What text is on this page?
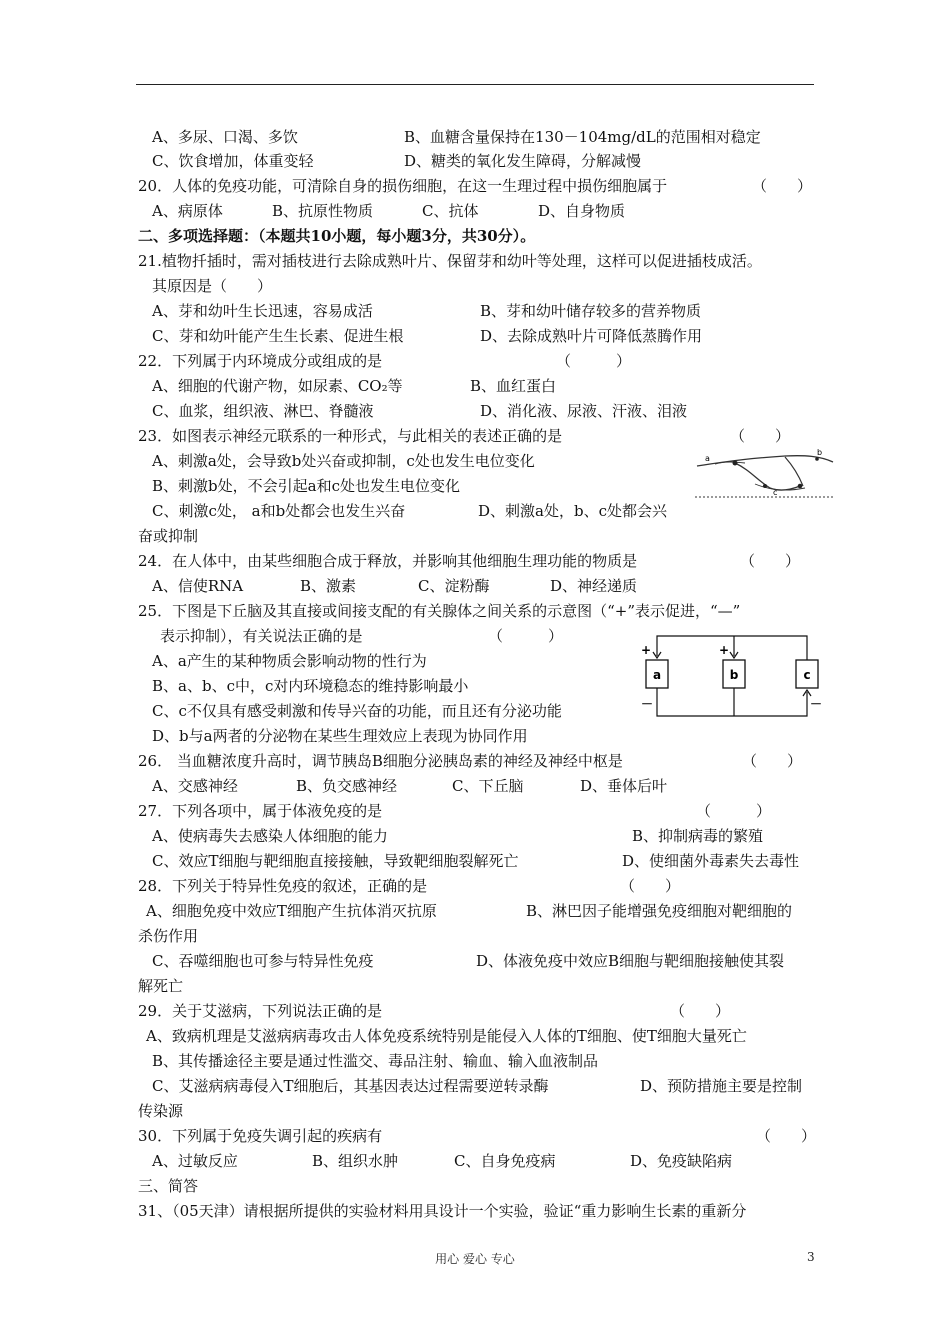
A、多尿、口渴、多饮	B、血糖含量保持在130－104mg/dL的范围相对稳定
C、饮食增加，体重变轻	D、糖类的氧化发生障碍，分解减慢
20．人体的免疫功能，可清除自身的损伤细胞，在这一生理过程中损伤细胞属于	（　　）
A、病原体	B、抗原性物质	C、抗体	D、自身物质
二、多项选择题：（本题共10小题，每小题3分，共30分）。
21.植物扦插时，需对插枝进行去除成熟叶片、保留芽和幼叶等处理，这样可以促进插枝成活。
其原因是（　　）
A、芽和幼叶生长迅速，容易成活	B、芽和幼叶储存较多的营养物质
C、芽和幼叶能产生生长素、促进生根	D、去除成熟叶片可降低蒸腾作用
22．下列属于内环境成分或组成的是	（　　　）
A、细胞的代谢产物，如尿素、CO₂等	B、血红蛋白
C、血浆，组织液、淋巴、脊髓液	D、消化液、尿液、汗液、泪液
23．如图表示神经元联系的一种形式，与此相关的表述正确的是	（　　）
A、刺激a处，会导致b处兴奋或抑制，c处也发生电位变化
B、刺激b处，不会引起a和c处也发生电位变化
C、刺激c处， a和b处都会也发生兴奋	D、刺激a处，b、c处都会兴
奋或抑制
a
b
c
24．在人体中，由某些细胞合成于释放，并影响其他细胞生理功能的物质是	（　　）
A、信使RNA	B、激素	C、淀粉酶	D、神经递质
25．下图是下丘脑及其直接或间接支配的有关腺体之间关系的示意图（“+”表示促进，“—”
表示抑制），有关说法正确的是	（　　　）
A、a产生的某种物质会影响动物的性行为
B、a、b、c中，c对内环境稳态的维持影响最小
C、c不仅具有感受刺激和传导兴奋的功能，而且还有分泌功能
D、b与a两者的分泌物在某些生理效应上表现为协同作用
a	b	c
+	+
－	－
26． 当血糖浓度升高时，调节胰岛B细胞分泌胰岛素的神经及神经中枢是	（　　）
A、交感神经	B、负交感神经	C、下丘脑	D、垂体后叶
27．下列各项中，属于体液免疫的是	（　　　）
A、使病毒失去感染人体细胞的能力	B、抑制病毒的繁殖
C、效应T细胞与靶细胞直接接触，导致靶细胞裂解死亡	D、使细菌外毒素失去毒性
28．下列关于特异性免疫的叙述，正确的是	（　　）
A、细胞免疫中效应T细胞产生抗体消灭抗原	B、淋巴因子能增强免疫细胞对靶细胞的
杀伤作用
C、吞噬细胞也可参与特异性免疫	D、体液免疫中效应B细胞与靶细胞接触使其裂
解死亡
29．关于艾滋病，下列说法正确的是	（　　）
A、致病机理是艾滋病病毒攻击人体免疫系统特别是能侵入人体的T细胞、使T细胞大量死亡
B、其传播途径主要是通过性滥交、毒品注射、输血、输入血液制品
C、艾滋病病毒侵入T细胞后，其基因表达过程需要逆转录酶	D、预防措施主要是控制
传染源
30．下列属于免疫失调引起的疾病有	（　　）
A、过敏反应	B、组织水肿	C、自身免疫病	D、免疫缺陷病
三、简答
31、（05天津）请根据所提供的实验材料用具设计一个实验，验证“重力影响生长素的重新分
用心 爱心 专心	3
